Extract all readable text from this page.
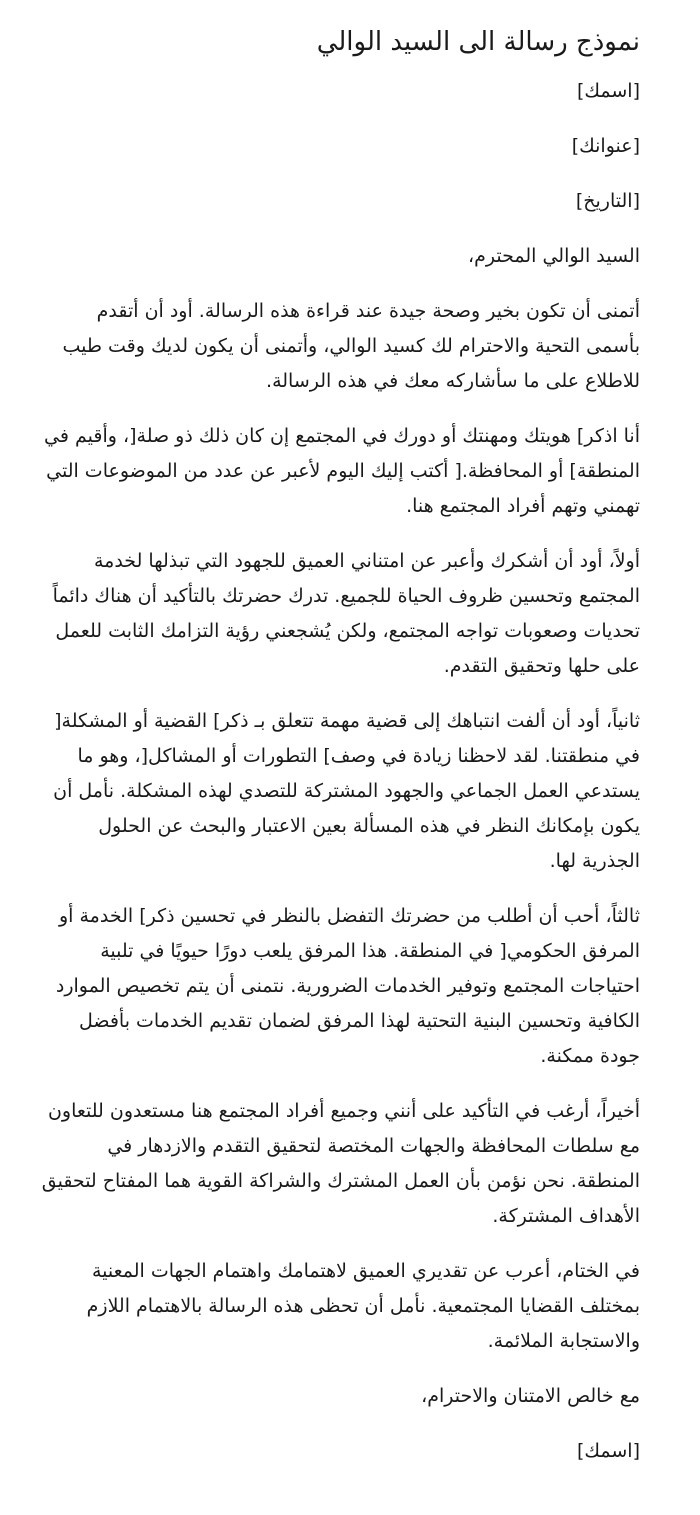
نموذج رسالة الى السيد الوالي

[اسمك]

[عنوانك]

[التاريخ]

السيد الوالي المحترم،

أتمنى أن تكون بخير وصحة جيدة عند قراءة هذه الرسالة. أود أن أتقدم بأسمى التحية والاحترام لك كسيد الوالي، وأتمنى أن يكون لديك وقت طيب للاطلاع على ما سأشاركه معك في هذه الرسالة.

أنا اذكر] هويتك ومهنتك أو دورك في المجتمع إن كان ذلك ذو صلة[، وأقيم في المنطقة] أو المحافظة.[ أكتب إليك اليوم لأعبر عن عدد من الموضوعات التي تهمني وتهم أفراد المجتمع هنا.

أولاً، أود أن أشكرك وأعبر عن امتناني العميق للجهود التي تبذلها لخدمة المجتمع وتحسين ظروف الحياة للجميع. تدرك حضرتك بالتأكيد أن هناك دائماً تحديات وصعوبات تواجه المجتمع، ولكن يُشجعني رؤية التزامك الثابت للعمل على حلها وتحقيق التقدم.

ثانياً، أود أن ألفت انتباهك إلى قضية مهمة تتعلق بـ ذكر] القضية أو المشكلة[ في منطقتنا. لقد لاحظنا زيادة في وصف] التطورات أو المشاكل[، وهو ما يستدعي العمل الجماعي والجهود المشتركة للتصدي لهذه المشكلة. نأمل أن يكون بإمكانك النظر في هذه المسألة بعين الاعتبار والبحث عن الحلول الجذرية لها.

ثالثاً، أحب أن أطلب من حضرتك التفضل بالنظر في تحسين ذكر] الخدمة أو المرفق الحكومي[ في المنطقة. هذا المرفق يلعب دورًا حيويًا في تلبية احتياجات المجتمع وتوفير الخدمات الضرورية. نتمنى أن يتم تخصيص الموارد الكافية وتحسين البنية التحتية لهذا المرفق لضمان تقديم الخدمات بأفضل جودة ممكنة.

أخيراً، أرغب في التأكيد على أنني وجميع أفراد المجتمع هنا مستعدون للتعاون مع سلطات المحافظة والجهات المختصة لتحقيق التقدم والازدهار في المنطقة. نحن نؤمن بأن العمل المشترك والشراكة القوية هما المفتاح لتحقيق الأهداف المشتركة.

في الختام، أعرب عن تقديري العميق لاهتمامك واهتمام الجهات المعنية بمختلف القضايا المجتمعية. نأمل أن تحظى هذه الرسالة بالاهتمام اللازم والاستجابة الملائمة.

مع خالص الامتنان والاحترام،

[اسمك]
